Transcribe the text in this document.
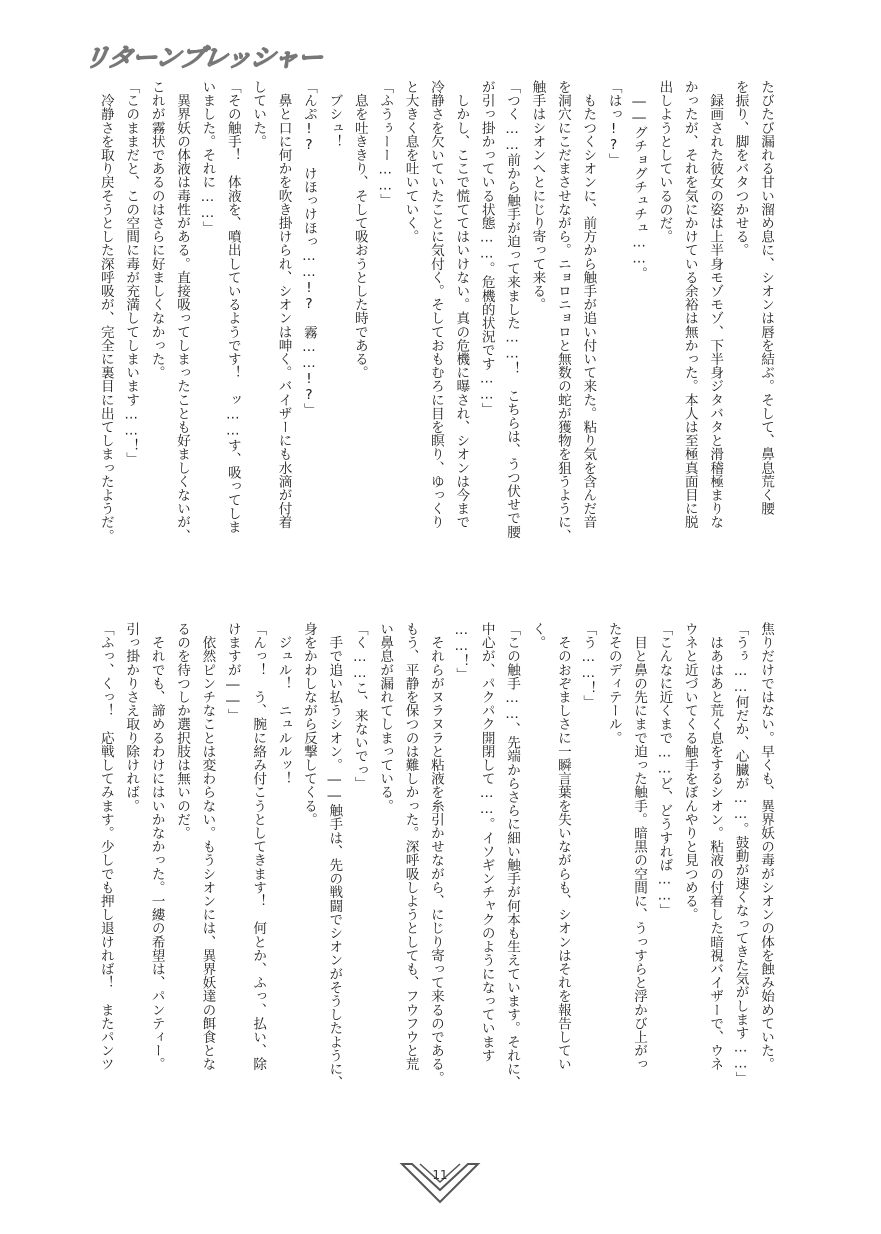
リターンブレッシャー
たびたび漏れる甘い溜め息に、シオンは唇を結ぶ。そして、鼻息荒く腰
を振り、脚をバタつかせる。
　録画された彼女の姿は上半身モゾモゾ、下半身ジタバタと滑稽極まりな
かったが、それを気にかけている余裕は無かった。本人は至極真面目に脱
出しようとしているのだ。
　――グチョグチュチュ……。
「はっ!?」
　もたつくシオンに、前方から触手が追い付いて来た。粘り気を含んだ音
を洞穴にこだまさせながら。ニョロニョロと無数の蛇が獲物を狙うように、
触手はシオンへとにじり寄って来る。
「つく……前から触手が迫って来ました……！　こちらは、うつ伏せで腰
が引っ掛かっている状態……。危機的状況です……」
　しかし、ここで慌ててはいけない。真の危機に曝され、シオンは今まで
冷静さを欠いていたことに気付く。そしておもむろに目を瞑り、ゆっくり
と大きく息を吐いていく。
「ふうぅーー……」
　息を吐ききり、そして吸おうとした時である。
　ブシュ！
「んぷ!?　けほっけほっ……!?　霧……!?」
　鼻と口に何かを吹き掛けられ、シオンは呻く。バイザーにも水滴が付着
していた。
「その触手！　体液を、噴出しているようです！　ッ……す、吸ってしま
いました。それに……」
　異界妖の体液は毒性がある。直接吸ってしまったことも好ましくないが、
これが霧状であるのはさらに好ましくなかった。
「このままだと、この空間に毒が充満してしまいます……！」
　冷静さを取り戻そうとした深呼吸が、完全に裏目に出てしまったようだ。
焦りだけではない。早くも、異界妖の毒がシオンの体を蝕み始めていた。
「うぅ……何だか、心臓が……。鼓動が速くなってきた気がします……」
　はあはあと荒く息をするシオン。粘液の付着した暗視バイザーで、ウネ
ウネと近づいてくる触手をぼんやりと見つめる。
「こんなに近くまで……ど、どうすれば……」
　目と鼻の先にまで迫った触手。暗黒の空間に、うっすらと浮かび上がっ
たそのディテール。
「う……！」
　そのおぞましさに一瞬言葉を失いながらも、シオンはそれを報告してい
く。
「この触手……、先端からさらに細い触手が何本も生えています。それに、
中心が、パクパク開閉して……。イソギンチャクのようになっています
……！」
　それらがヌラヌラと粘液を糸引かせながら、にじり寄って来るのである。
もう、平静を保つのは難しかった。深呼吸しようとしても、フウフウと荒
い鼻息が漏れてしまっている。
「く……こ、来ないでっ」
　手で追い払うシオン。――触手は、先の戦闘でシオンがそうしたように、
身をかわしながら反撃してくる。
　ジュル！　ニュルルッ！
「んっ！　う、腕に絡み付こうとしてきます！　何とか、ふっ、払い、除
けますが――」
　依然ピンチなことは変わらない。もうシオンには、異界妖達の餌食とな
るのを待つしか選択肢は無いのだ。
　それでも、諦めるわけにはいかなかった。一縷の希望は、パンティー。
引っ掛かりさえ取り除ければ。
「ふっ、くっ！　応戦してみます。少しでも押し退ければ！　またパンツ
11
